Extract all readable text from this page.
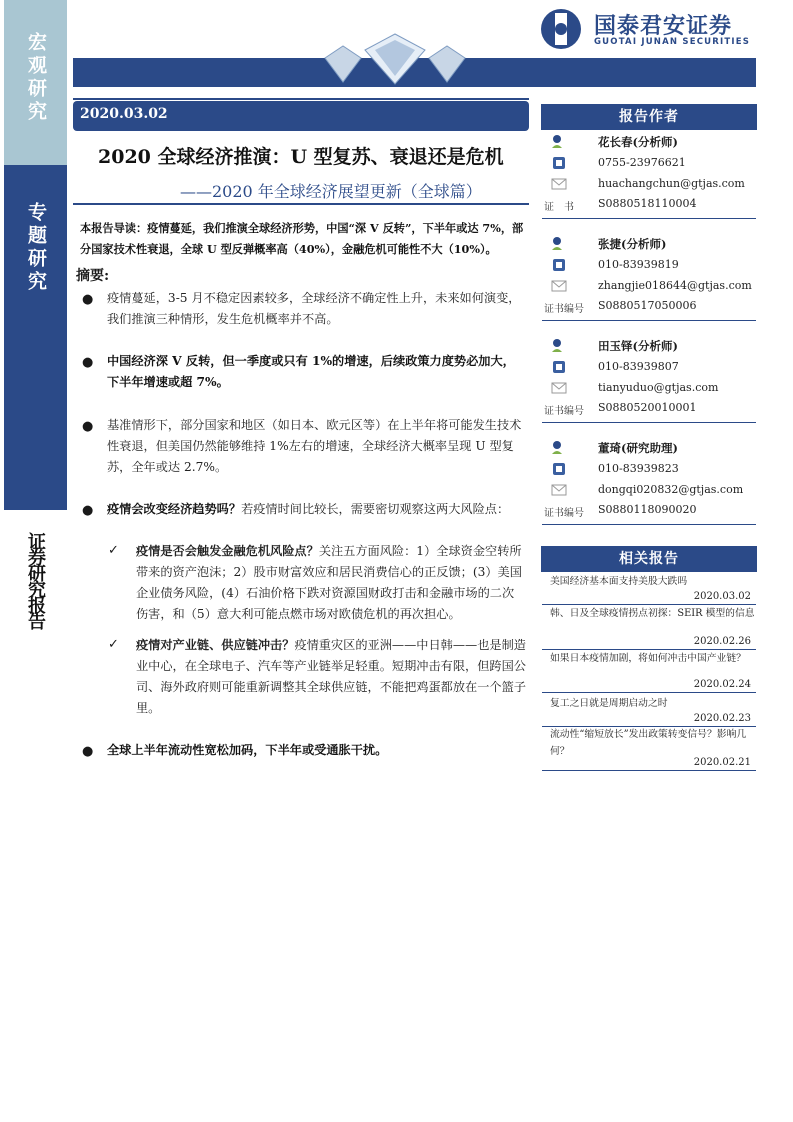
宏观研究
专题研究
证券研究报告
国泰君安证券
GUOTAI JUNAN SECURITIES
2020.03.02
2020 全球经济推演：U 型复苏、衰退还是危机
——2020 年全球经济展望更新（全球篇）
本报告导读：疫情蔓延，我们推演全球经济形势，中国“深 V 反转”，下半年或达 7%，部分国家技术性衰退，全球 U 型反弹概率高（40%），金融危机可能性不大（10%）。
摘要:
● 疫情蔓延，3-5 月不稳定因素较多，全球经济不确定性上升，未来如何演变，我们推演三种情形，发生危机概率并不高。
● 中国经济深 V 反转，但一季度或只有 1%的增速，后续政策力度势必加大，下半年增速或超 7%。
● 基准情形下，部分国家和地区（如日本、欧元区等）在上半年将可能发生技术性衰退，但美国仍然能够维持 1%左右的增速，全球经济大概率呈现 U 型复苏，全年或达 2.7%。
● 疫情会改变经济趋势吗？若疫情时间比较长，需要密切观察这两大风险点：
✓ 疫情是否会触发金融危机风险点？关注五方面风险：1）全球资金空转所带来的资产泡沫；2）股市财富效应和居民消费信心的正反馈；(3）美国企业债务风险，(4）石油价格下跌对资源国财政打击和金融市场的二次伤害，和（5）意大利可能点燃市场对欧债危机的再次担心。
✓ 疫情对产业链、供应链冲击？疫情重灾区的亚洲——中日韩——也是制造业中心，在全球电子、汽车等产业链举足轻重。短期冲击有限，但跨国公司、海外政府则可能重新调整其全球供应链，不能把鸡蛋都放在一个篮子里。
● 全球上半年流动性宽松加码，下半年或受通胀干扰。
报告作者
花长春(分析师)
0755-23976621
huachangchun@gtjas.com
证　书 S0880518110004
张捷(分析师)
010-83939819
zhangjie018644@gtjas.com
证书编号 S0880517050006
田玉铎(分析师)
010-83939807
tianyuduo@gtjas.com
证书编号 S0880520010001
董琦(研究助理)
010-83939823
dongqi020832@gtjas.com
证书编号 S0880118090020
相关报告
美国经济基本面支持美股大跌吗
2020.03.02
韩、日及全球疫情拐点初探：SEIR 模型的信息
2020.02.26
如果日本疫情加剧，将如何冲击中国产业链？
2020.02.24
复工之日就是周期启动之时
2020.02.23
流动性“缩短放长”发出政策转变信号？影响几何？
2020.02.21
